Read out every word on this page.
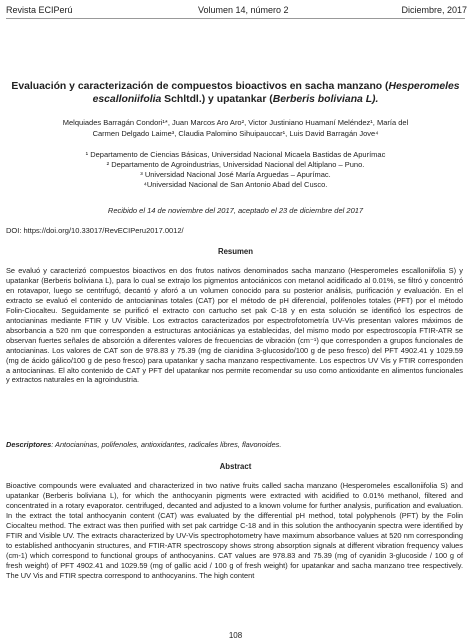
Revista ECIPerú	Volumen 14, número 2	Diciembre, 2017
Evaluación y caracterización de compuestos bioactivos en sacha manzano (Hesperomeles escalloniifolia Schltdl.) y upatankar (Berberis boliviana L).
Melquiades Barragán Condori¹*, Juan Marcos Aro Aro², Victor Justiniano Huamaní Meléndez¹, María del
Carmen Delgado Laime³, Claudia Palomino Sihuipauccar¹, Luis David Barragán Jove⁴
¹ Departamento de Ciencias Básicas, Universidad Nacional Micaela Bastidas de Apurímac
² Departamento de Agroindustrias, Universidad Nacional del Altiplano – Puno.
³ Universidad Nacional José María Arguedas – Apurímac.
⁴Universidad Nacional de San Antonio Abad del Cusco.
Recibido el 14 de noviembre del 2017, aceptado el 23 de diciembre del 2017
DOI: https://doi.org/10.33017/RevECIPeru2017.0012/
Resumen
Se evaluó y caracterizó compuestos bioactivos en dos frutos nativos denominados sacha manzano (Hesperomeles escalloniifolia S) y upatankar (Berberis boliviana L), para lo cual se extrajo los pigmentos antociánicos con metanol acidificado al 0.01%, se filtró y concentró en rotavapor, luego se centrifugó, decantó y aforó a un volumen conocido para su posterior análisis, purificación y evaluación. En el extracto se evaluó el contenido de antocianinas totales (CAT) por el método de pH diferencial, polifenoles totales (PFT) por el método Folin-Ciocalteu. Seguidamente se purificó el extracto con cartucho set pak C-18 y en esta solución se identificó los espectros de antocianinas mediante FTIR y UV Visible. Los extractos caracterizados por espectrofotometría UV-Vis presentan valores máximos de absorbancia a 520 nm que corresponden a estructuras antociánicas ya establecidas, del mismo modo por espectroscopía FTIR-ATR se observan fuertes señales de absorción a diferentes valores de frecuencias de vibración (cm⁻¹) que corresponden a grupos funcionales de antocianinas. Los valores de CAT son de 978.83 y 75.39 (mg de cianidina 3-glucosido/100 g de peso fresco) del PFT 4902.41 y 1029.59 (mg de ácido gálico/100 g de peso fresco) para upatankar y sacha manzano respectivamente. Los espectros UV Vis y FTIR corresponden a antocianinas. El alto contenido de CAT y PFT del upatankar nos permite recomendar su uso como antioxidante en alimentos funcionales y extractos naturales en la agroindustria.
Descriptores: Antocianinas, polifenoles, antioxidantes, radicales libres, flavonoides.
Abstract
Bioactive compounds were evaluated and characterized in two native fruits called sacha manzano (Hesperomeles escalloniifolia S) and upatankar (Berberis boliviana L), for which the anthocyanin pigments were extracted with acidified to 0.01% methanol, filtered and concentrated in a rotary evaporator. centrifuged, decanted and adjusted to a known volume for further analysis, purification and evaluation. In the extract the total anthocyanin content (CAT) was evaluated by the differential pH method, total polyphenols (PFT) by the Folin Ciocalteu method. The extract was then purified with set pak cartridge C-18 and in this solution the anthocyanin spectra were identified by FTIR and Visible UV. The extracts characterized by UV-Vis spectrophotometry have maximum absorbance values at 520 nm corresponding to established anthocyanin structures, and FTIR-ATR spectroscopy shows strong absorption signals at different vibration frequency values (cm-1) which correspond to functional groups of anthocyanins. CAT values are 978.83 and 75.39 (mg of cyanidin 3-glucoside / 100 g of fresh weight) of PFT 4902.41 and 1029.59 (mg of gallic acid / 100 g of fresh weight) for upatankar and sacha manzano tree respectively. The UV Vis and FTIR spectra correspond to anthocyanins. The high content
108
